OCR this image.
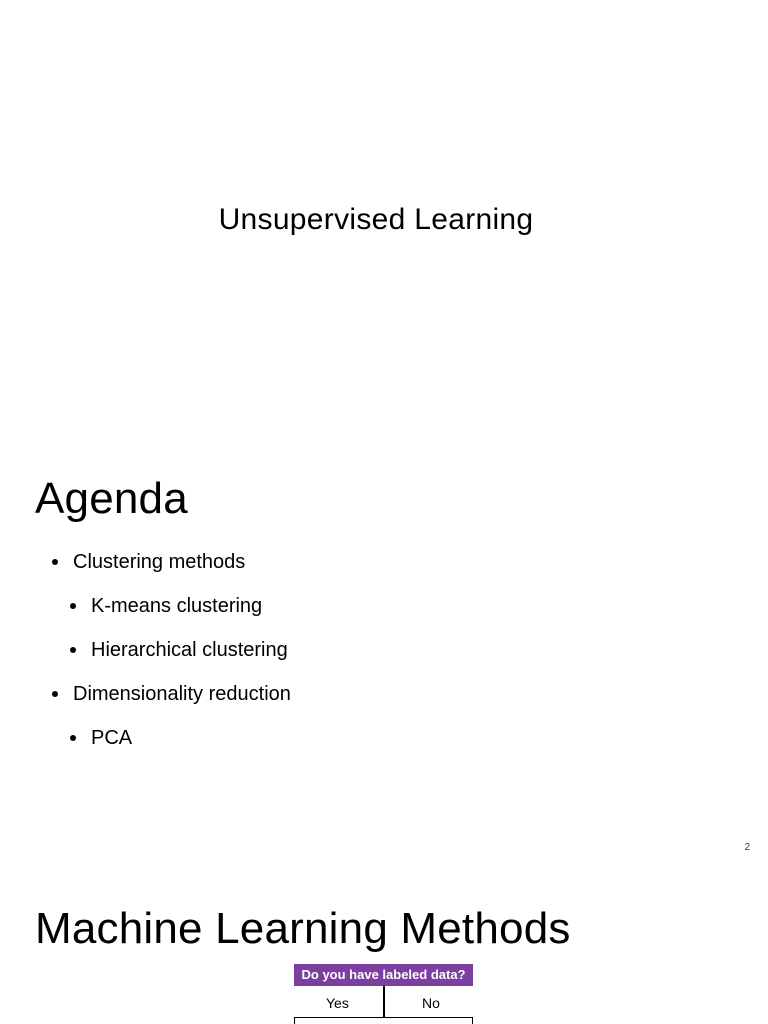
Unsupervised Learning
Agenda
Clustering methods
K-means clustering
Hierarchical clustering
Dimensionality reduction
PCA
2
Machine Learning Methods
Do you have labeled data?
Yes	No
